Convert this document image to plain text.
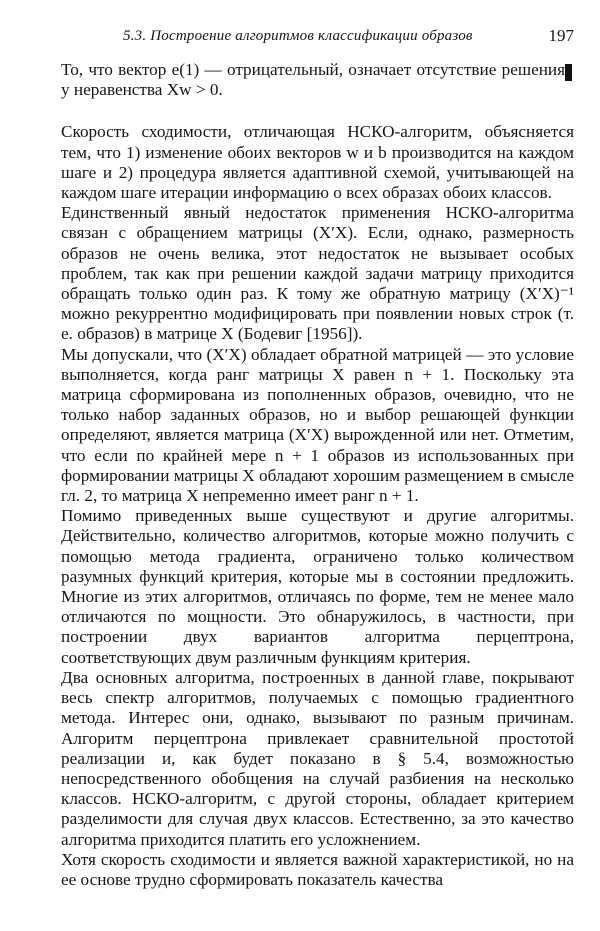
5.3. Построение алгоритмов классификации образов	197

То, что вектор e(1) — отрицательный, означает отсутствие решения у неравенства Xw > 0.

Скорость сходимости, отличающая НСКО-алгоритм, объясняется тем, что 1) изменение обоих векторов w и b производится на каждом шаге и 2) процедура является адаптивной схемой, учитывающей на каждом шаге итерации информацию о всех образах обоих классов.

Единственный явный недостаток применения НСКО-алгоритма связан с обращением матрицы (X′X). Если, однако, размерность образов не очень велика, этот недостаток не вызывает особых проблем, так как при решении каждой задачи матрицу приходится обращать только один раз. К тому же обратную матрицу (X′X)⁻¹ можно рекуррентно модифицировать при появлении новых строк (т. е. образов) в матрице X (Бодевиг [1956]).

Мы допускали, что (X′X) обладает обратной матрицей — это условие выполняется, когда ранг матрицы X равен n + 1. Поскольку эта матрица сформирована из пополненных образов, очевидно, что не только набор заданных образов, но и выбор решающей функции определяют, является матрица (X′X) вырожденной или нет. Отметим, что если по крайней мере n + 1 образов из использованных при формировании матрицы X обладают хорошим размещением в смысле гл. 2, то матрица X непременно имеет ранг n + 1.

Помимо приведенных выше существуют и другие алгоритмы. Действительно, количество алгоритмов, которые можно получить с помощью метода градиента, ограничено только количеством разумных функций критерия, которые мы в состоянии предложить. Многие из этих алгоритмов, отличаясь по форме, тем не менее мало отличаются по мощности. Это обнаружилось, в частности, при построении двух вариантов алгоритма перцептрона, соответствующих двум различным функциям критерия.

Два основных алгоритма, построенных в данной главе, покрывают весь спектр алгоритмов, получаемых с помощью градиентного метода. Интерес они, однако, вызывают по разным причинам. Алгоритм перцептрона привлекает сравнительной простотой реализации и, как будет показано в § 5.4, возможностью непосредственного обобщения на случай разбиения на несколько классов. НСКО-алгоритм, с другой стороны, обладает критерием разделимости для случая двух классов. Естественно, за это качество алгоритма приходится платить его усложнением.

Хотя скорость сходимости и является важной характеристикой, но на ее основе трудно сформировать показатель качества
